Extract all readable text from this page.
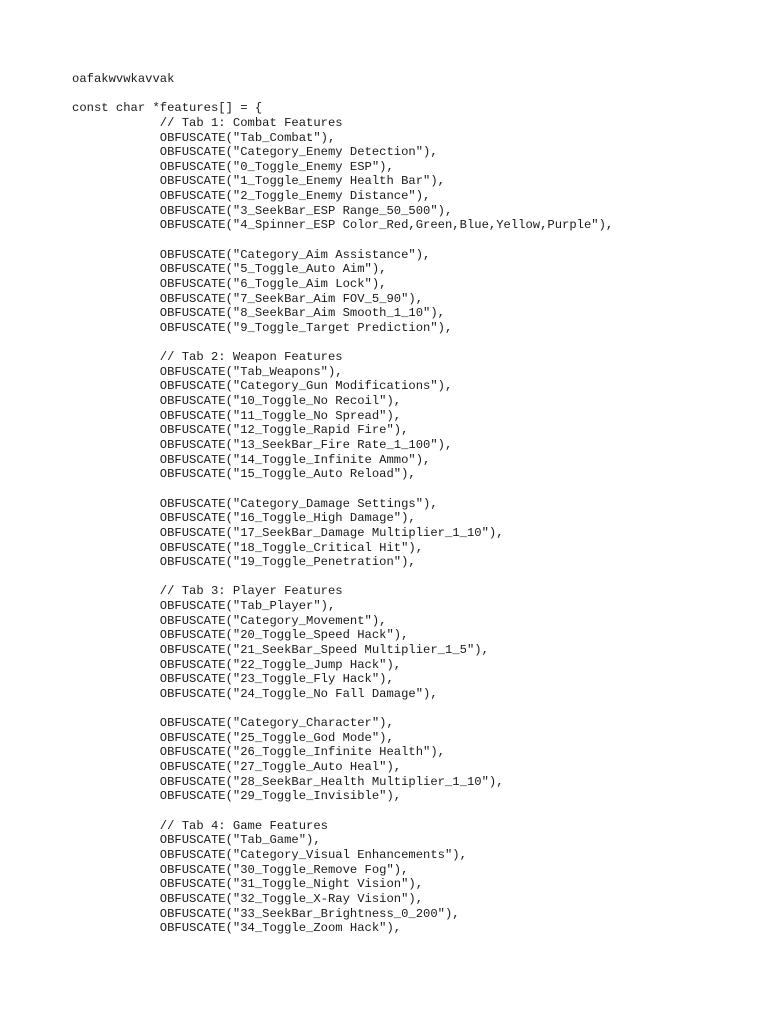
oafakwvwkavvak
const char *features[] = {
// Tab 1: Combat Features
OBFUSCATE("Tab_Combat"),
OBFUSCATE("Category_Enemy Detection"),
OBFUSCATE("0_Toggle_Enemy ESP"),
OBFUSCATE("1_Toggle_Enemy Health Bar"),
OBFUSCATE("2_Toggle_Enemy Distance"),
OBFUSCATE("3_SeekBar_ESP Range_50_500"),
OBFUSCATE("4_Spinner_ESP Color_Red,Green,Blue,Yellow,Purple"),
OBFUSCATE("Category_Aim Assistance"),
OBFUSCATE("5_Toggle_Auto Aim"),
OBFUSCATE("6_Toggle_Aim Lock"),
OBFUSCATE("7_SeekBar_Aim FOV_5_90"),
OBFUSCATE("8_SeekBar_Aim Smooth_1_10"),
OBFUSCATE("9_Toggle_Target Prediction"),
// Tab 2: Weapon Features
OBFUSCATE("Tab_Weapons"),
OBFUSCATE("Category_Gun Modifications"),
OBFUSCATE("10_Toggle_No Recoil"),
OBFUSCATE("11_Toggle_No Spread"),
OBFUSCATE("12_Toggle_Rapid Fire"),
OBFUSCATE("13_SeekBar_Fire Rate_1_100"),
OBFUSCATE("14_Toggle_Infinite Ammo"),
OBFUSCATE("15_Toggle_Auto Reload"),
OBFUSCATE("Category_Damage Settings"),
OBFUSCATE("16_Toggle_High Damage"),
OBFUSCATE("17_SeekBar_Damage Multiplier_1_10"),
OBFUSCATE("18_Toggle_Critical Hit"),
OBFUSCATE("19_Toggle_Penetration"),
// Tab 3: Player Features
OBFUSCATE("Tab_Player"),
OBFUSCATE("Category_Movement"),
OBFUSCATE("20_Toggle_Speed Hack"),
OBFUSCATE("21_SeekBar_Speed Multiplier_1_5"),
OBFUSCATE("22_Toggle_Jump Hack"),
OBFUSCATE("23_Toggle_Fly Hack"),
OBFUSCATE("24_Toggle_No Fall Damage"),
OBFUSCATE("Category_Character"),
OBFUSCATE("25_Toggle_God Mode"),
OBFUSCATE("26_Toggle_Infinite Health"),
OBFUSCATE("27_Toggle_Auto Heal"),
OBFUSCATE("28_SeekBar_Health Multiplier_1_10"),
OBFUSCATE("29_Toggle_Invisible"),
// Tab 4: Game Features
OBFUSCATE("Tab_Game"),
OBFUSCATE("Category_Visual Enhancements"),
OBFUSCATE("30_Toggle_Remove Fog"),
OBFUSCATE("31_Toggle_Night Vision"),
OBFUSCATE("32_Toggle_X-Ray Vision"),
OBFUSCATE("33_SeekBar_Brightness_0_200"),
OBFUSCATE("34_Toggle_Zoom Hack"),
